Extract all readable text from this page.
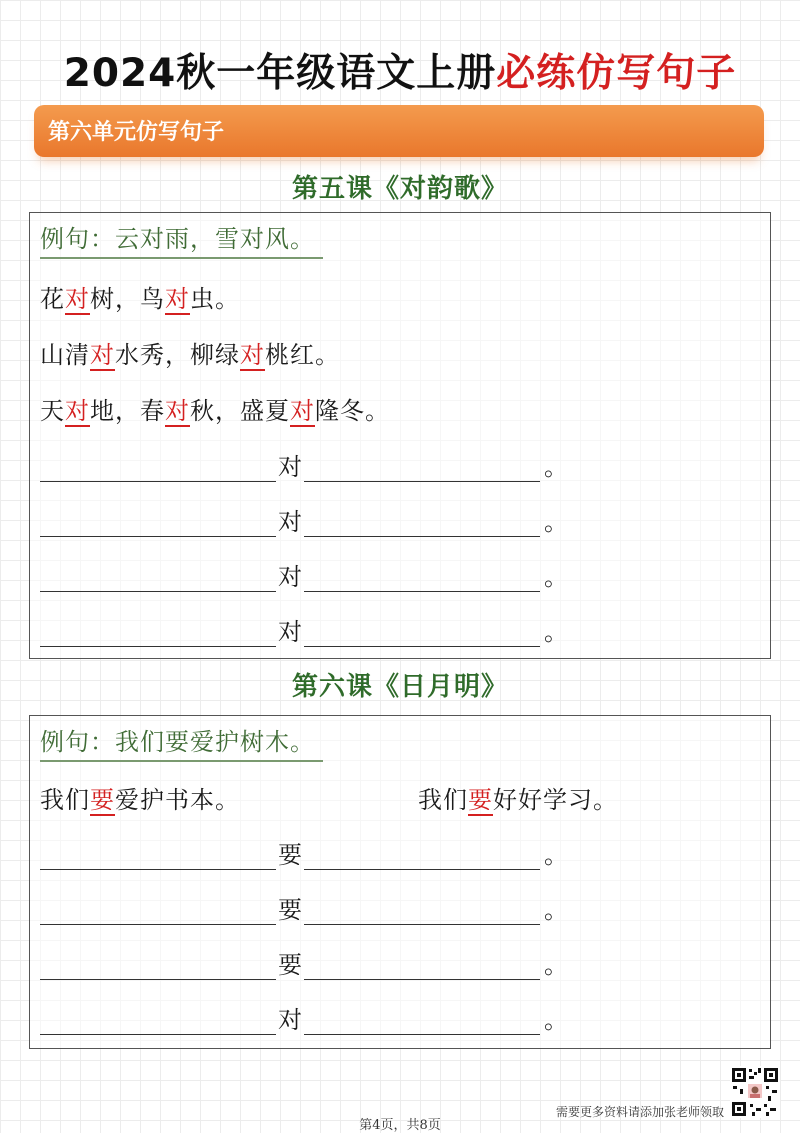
2024秋一年级语文上册必练仿写句子
第六单元仿写句子
第五课《对韵歌》
例句：云对雨，雪对风。
花对树，鸟对虫。
山清对水秀，柳绿对桃红。
天对地，春对秋，盛夏对隆冬。
对	。
对	。
对	。
对	。
第六课《日月明》
例句：我们要爱护树木。
我们要爱护书本。	我们要好好学习。
要	。
要	。
要	。
对	。
第4页，共8页
需要更多资料请添加张老师领取
